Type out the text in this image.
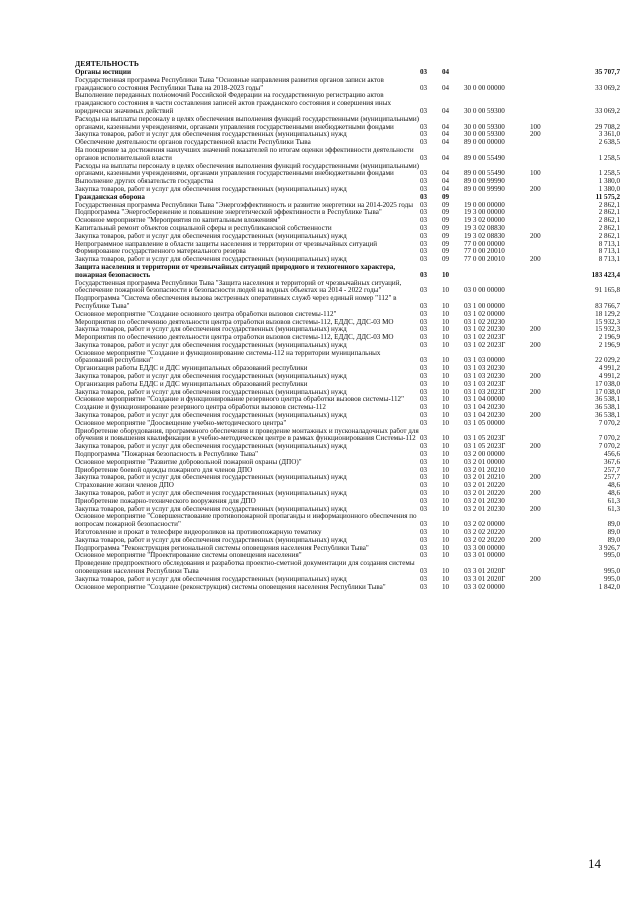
ДЕЯТЕЛЬНОСТЬ
Органы юстиции	03	04			35 707,7
Государственная программа Республики Тыва "Основные направления развития органов записи актов гражданского состояния Республики Тыва на 2018-2023 годы"	03	04	30 0 00 00000		33 069,2
Выполнение переданных полномочий Российской Федерации на государственную регистрацию актов гражданского состояния в части составления записей актов гражданского состояния и совершения иных юридически значимых действий	03	04	30 0 00 59300		33 069,2
Расходы на выплаты персоналу в целях обеспечения выполнения функций государственными (муниципальными) органами, казенными учреждениями, органами управления государственными внебюджетными фондами	03	04	30 0 00 59300	100	29 708,2
Закупка товаров, работ и услуг для обеспечения государственных (муниципальных) нужд	03	04	30 0 00 59300	200	3 361,0
Обеспечение деятельности органов государственной власти Республики Тыва	03	04	89 0 00 00000		2 638,5
На поощрение за достижения наилучших значений показателей по итогам оценки эффективности деятельности органов исполнительной власти	03	04	89 0 00 55490		1 258,5
Расходы на выплаты персоналу в целях обеспечения выполнения функций государственными (муниципальными) органами, казенными учреждениями, органами управления государственными внебюджетными фондами	03	04	89 0 00 55490	100	1 258,5
Выполнение других обязательств государства	03	04	89 0 00 99990		1 380,0
Закупка товаров, работ и услуг для обеспечения государственных (муниципальных) нужд	03	04	89 0 00 99990	200	1 380,0
Гражданская оборона	03	09			11 575,2
Государственная программа Республики Тыва "Энергоэффективность и развитие энергетики на 2014-2025 годы	03	09	19 0 00 00000		2 862,1
Подпрограмма "Энергосбережение и повышение энергетической эффективности в Республике Тыва"	03	09	19 3 00 00000		2 862,1
Основное мероприятие "Мероприятия по капитальным вложениям"	03	09	19 3 02 00000		2 862,1
Капитальный ремонт объектов социальной сферы и республиканской собственности	03	09	19 3 02 08830		2 862,1
Закупка товаров, работ и услуг для обеспечения государственных (муниципальных) нужд	03	09	19 3 02 08830	200	2 862,1
Непрограммное направление в области защиты населения и территории от чрезвычайных ситуаций	03	09	77 0 00 00000		8 713,1
Формирование государственного материального резерва	03	09	77 0 00 20010		8 713,1
Закупка товаров, работ и услуг для обеспечения государственных (муниципальных) нужд	03	09	77 0 00 20010	200	8 713,1
Защита населения и территории от чрезвычайных ситуаций природного и техногенного характера, пожарная безопасность	03	10			183 423,4
Государственная программа Республики Тыва "Защита населения и территорий от чрезвычайных ситуаций, обеспечение пожарной безопасности и безопасности людей на водных объектах на 2014 - 2022 годы"	03	10	03 0 00 00000		91 165,8
Подпрограмма "Система обеспечения вызова экстренных оперативных служб через единый номер "112" в Республике Тыва"	03	10	03 1 00 00000		83 766,7
Основное мероприятие "Создание основного центра обработки вызовов системы-112"	03	10	03 1 02 00000		18 129,2
Мероприятия по обеспечению деятельности центра отработки вызовов системы-112, ЕДДС, ДДС-03 МО	03	10	03 1 02 20230		15 932,3
Закупка товаров, работ и услуг для обеспечения государственных (муниципальных) нужд	03	10	03 1 02 20230	200	15 932,3
Мероприятия по обеспечению деятельности центра отработки вызовов системы-112, ЕДДС, ДДС-03 МО	03	10	03 1 02 2023Г		2 196,9
Закупка товаров, работ и услуг для обеспечения государственных (муниципальных) нужд	03	10	03 1 02 2023Г	200	2 196,9
Основное мероприятие "Создание и функционирование системы-112 на территории муниципальных образований республики"	03	10	03 1 03 00000		22 029,2
Организация работы ЕДДС и ДДС муниципальных образований республики	03	10	03 1 03 20230		4 991,2
Закупка товаров, работ и услуг для обеспечения государственных (муниципальных) нужд	03	10	03 1 03 20230	200	4 991,2
Организация работы ЕДДС и ДДС муниципальных образований республики	03	10	03 1 03 2023Г		17 038,0
Закупка товаров, работ и услуг для обеспечения государственных (муниципальных) нужд	03	10	03 1 03 2023Г	200	17 038,0
Основное мероприятие "Создание и функционирование резервного центра обработки вызовов системы-112"	03	10	03 1 04 00000		36 538,1
Создание и функционирование резервного центра обработки вызовов системы-112	03	10	03 1 04 20230		36 538,1
Закупка товаров, работ и услуг для обеспечения государственных (муниципальных) нужд	03	10	03 1 04 20230	200	36 538,1
Основное мероприятие "Доосвещение учебно-методического центра"	03	10	03 1 05 00000		7 070,2
Приобретение оборудования, программного обеспечения и проведение монтажных и пусконаладочных работ для обучения и повышения квалификации в учебно-методическом центре в рамках функционирования Системы-112	03	10	03 1 05 2023Г		7 070,2
Закупка товаров, работ и услуг для обеспечения государственных (муниципальных) нужд	03	10	03 1 05 2023Г	200	7 070,2
Подпрограмма "Пожарная безопасность в Республике Тыва"	03	10	03 2 00 00000		456,6
Основное мероприятие "Развитие добровольной пожарной охраны (ДПО)"	03	10	03 2 01 00000		367,6
Приобретение боевой одежды пожарного для членов ДПО	03	10	03 2 01 20210		257,7
Закупка товаров, работ и услуг для обеспечения государственных (муниципальных) нужд	03	10	03 2 01 20210	200	257,7
Страхование жизни членов ДПО	03	10	03 2 01 20220		48,6
Закупка товаров, работ и услуг для обеспечения государственных (муниципальных) нужд	03	10	03 2 01 20220	200	48,6
Приобретение пожарно-технического вооружения для ДПО	03	10	03 2 01 20230		61,3
Закупка товаров, работ и услуг для обеспечения государственных (муниципальных) нужд	03	10	03 2 01 20230	200	61,3
Основное мероприятие "Совершенствование противопожарной пропаганды и информационного обеспечения по вопросам пожарной безопасности"	03	10	03 2 02 00000		89,0
Изготовление и прокат в телесфире видеороликов на противопожарную тематику	03	10	03 2 02 20220		89,0
Закупка товаров, работ и услуг для обеспечения государственных (муниципальных) нужд	03	10	03 2 02 20220	200	89,0
Подпрограмма "Реконструкция региональной системы оповещения населения Республики Тыва"	03	10	03 3 00 00000		3 926,7
Основное мероприятие "Проектирование системы оповещения населения"	03	10	03 3 01 00000		995,0
Проведение предпроектного обследования и разработка проектно-сметной документации для создания системы оповещения населения Республики Тыва	03	10	03 3 01 2020Г		995,0
Закупка товаров, работ и услуг для обеспечения государственных (муниципальных) нужд	03	10	03 3 01 2020Г	200	995,0
Основное мероприятие "Создание (реконструкция) системы оповещения населения Республики Тыва"	03	10	03 3 02 00000		1 842,0
14
